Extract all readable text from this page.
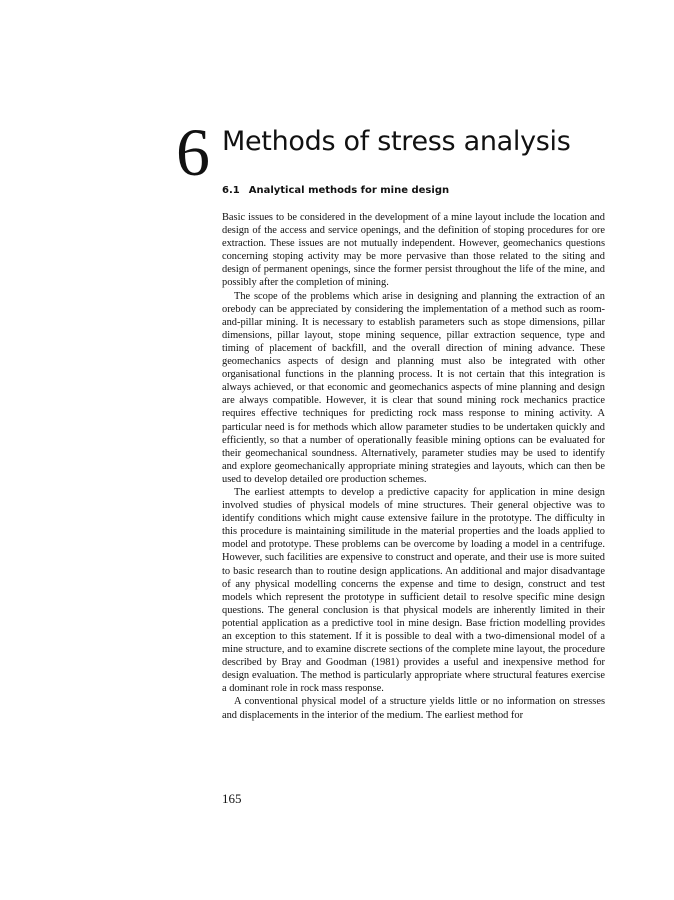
6 Methods of stress analysis
6.1 Analytical methods for mine design

Basic issues to be considered in the development of a mine layout include the location and design of the access and service openings, and the definition of stoping procedures for ore extraction. These issues are not mutually independent. However, geomechanics questions concerning stoping activity may be more pervasive than those related to the siting and design of permanent openings, since the former persist throughout the life of the mine, and possibly after the completion of mining.

The scope of the problems which arise in designing and planning the extraction of an orebody can be appreciated by considering the implementation of a method such as room-and-pillar mining. It is necessary to establish parameters such as stope dimensions, pillar dimensions, pillar layout, stope mining sequence, pillar extraction sequence, type and timing of placement of backfill, and the overall direction of mining advance. These geomechanics aspects of design and planning must also be integrated with other organisational functions in the planning process. It is not certain that this integration is always achieved, or that economic and geomechanics aspects of mine planning and design are always compatible. However, it is clear that sound mining rock mechanics practice requires effective techniques for predicting rock mass response to mining activity. A particular need is for methods which allow parameter studies to be undertaken quickly and efficiently, so that a number of operationally feasible mining options can be evaluated for their geomechanical soundness. Alternatively, parameter studies may be used to identify and explore geomechanically appropriate mining strategies and layouts, which can then be used to develop detailed ore production schemes.

The earliest attempts to develop a predictive capacity for application in mine design involved studies of physical models of mine structures. Their general objective was to identify conditions which might cause extensive failure in the prototype. The difficulty in this procedure is maintaining similitude in the material properties and the loads applied to model and prototype. These problems can be overcome by loading a model in a centrifuge. However, such facilities are expensive to construct and operate, and their use is more suited to basic research than to routine design applications. An additional and major disadvantage of any physical modelling concerns the expense and time to design, construct and test models which represent the prototype in sufficient detail to resolve specific mine design questions. The general conclusion is that physical models are inherently limited in their potential application as a predictive tool in mine design. Base friction modelling provides an exception to this statement. If it is possible to deal with a two-dimensional model of a mine structure, and to examine discrete sections of the complete mine layout, the procedure described by Bray and Goodman (1981) provides a useful and inexpensive method for design evaluation. The method is particularly appropriate where structural features exercise a dominant role in rock mass response.

A conventional physical model of a structure yields little or no information on stresses and displacements in the interior of the medium. The earliest method for

165
